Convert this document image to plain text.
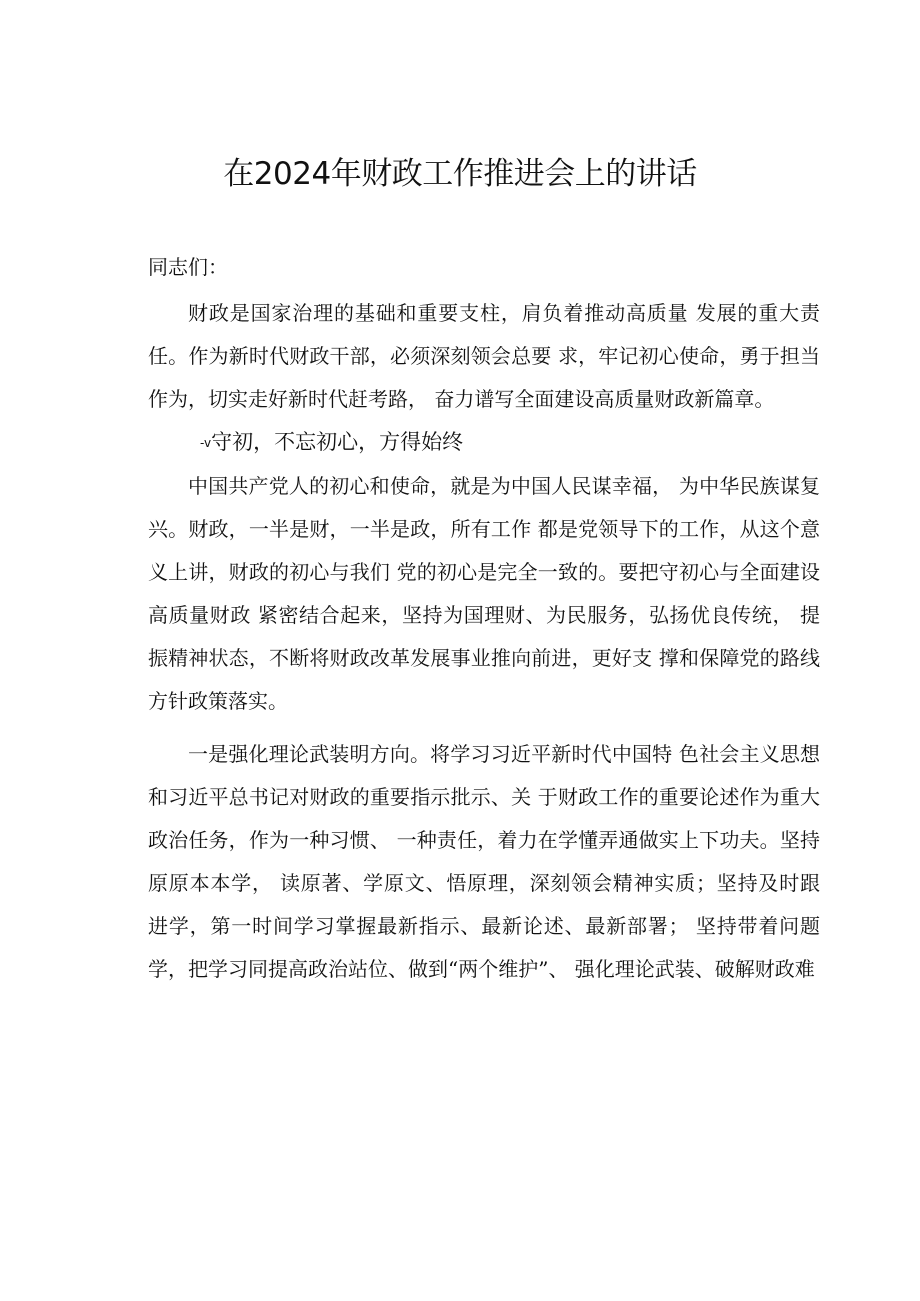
在2024年财政工作推进会上的讲话
同志们：

财政是国家治理的基础和重要支柱，肩负着推动高质量 发展的重大责任。作为新时代财政干部，必须深刻领会总要 求，牢记初心使命，勇于担当作为，切实走好新时代赶考路， 奋力谱写全面建设高质量财政新篇章。

-v守初，不忘初心，方得始终

中国共产党人的初心和使命，就是为中国人民谋幸福， 为中华民族谋复兴。财政，一半是财，一半是政，所有工作 都是党领导下的工作，从这个意义上讲，财政的初心与我们 党的初心是完全一致的。要把守初心与全面建设高质量财政 紧密结合起来，坚持为国理财、为民服务，弘扬优良传统， 提振精神状态，不断将财政改革发展事业推向前进，更好支 撑和保障党的路线方针政策落实。

一是强化理论武装明方向。将学习习近平新时代中国特 色社会主义思想和习近平总书记对财政的重要指示批示、关 于财政工作的重要论述作为重大政治任务，作为一种习惯、 一种责任，着力在学懂弄通做实上下功夫。坚持原原本本学， 读原著、学原文、悟原理，深刻领会精神实质；坚持及时跟 进学，第一时间学习掌握最新指示、最新论述、最新部署； 坚持带着问题学，把学习同提高政治站位、做到“两个维护”、 强化理论武装、破解财政难
